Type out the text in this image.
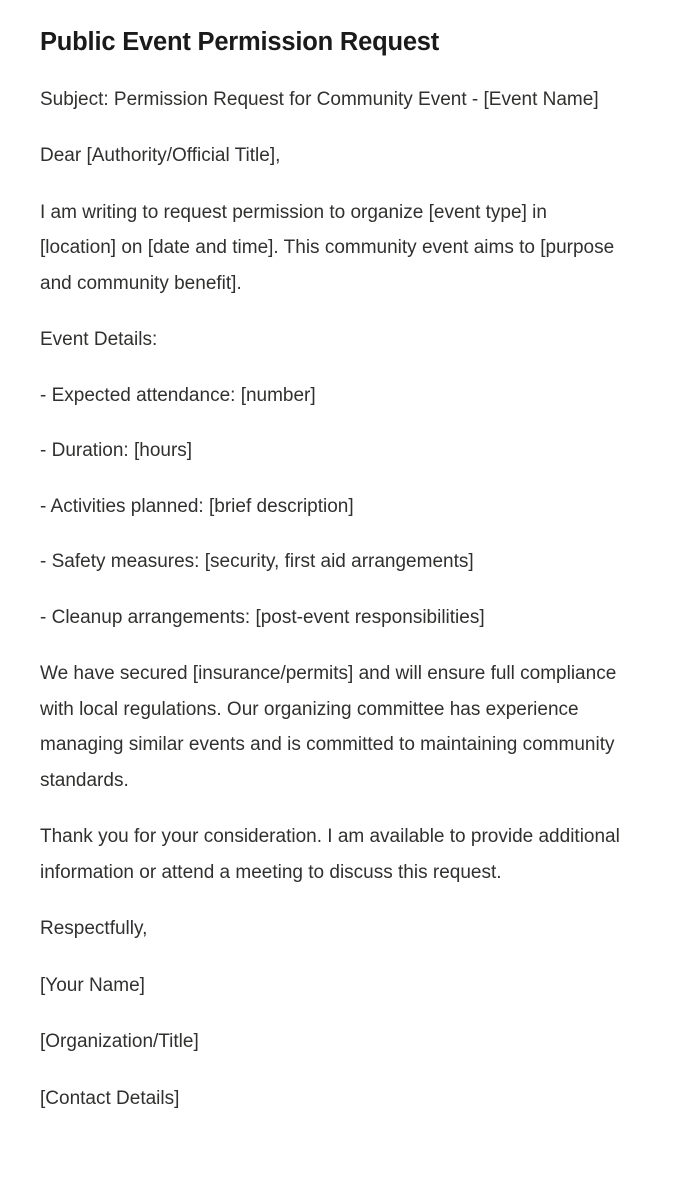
Public Event Permission Request

Subject: Permission Request for Community Event - [Event Name]

Dear [Authority/Official Title],

I am writing to request permission to organize [event type] in [location] on [date and time]. This community event aims to [purpose and community benefit].

Event Details:

- Expected attendance: [number]

- Duration: [hours]

- Activities planned: [brief description]

- Safety measures: [security, first aid arrangements]

- Cleanup arrangements: [post-event responsibilities]

We have secured [insurance/permits] and will ensure full compliance with local regulations. Our organizing committee has experience managing similar events and is committed to maintaining community standards.

Thank you for your consideration. I am available to provide additional information or attend a meeting to discuss this request.

Respectfully,

[Your Name]

[Organization/Title]

[Contact Details]
